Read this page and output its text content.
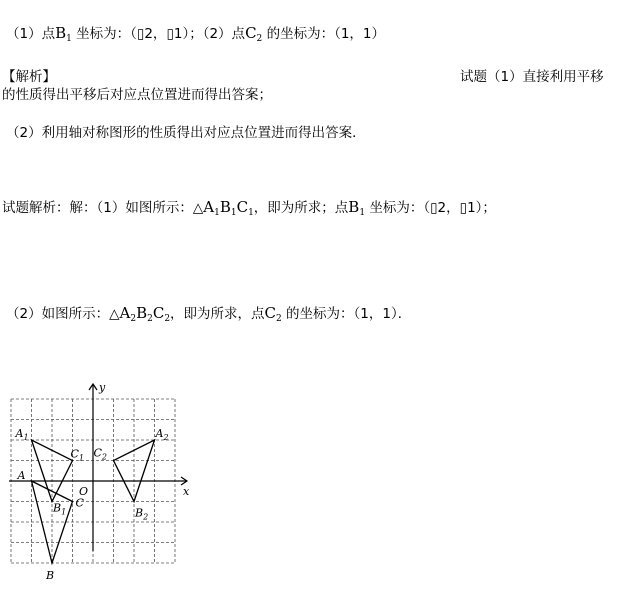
（1）点$B_1$ 坐标为：（▯2，▯1）；（2）点$C_2$ 的坐标为：（1，1）
【解析】	试题（1）直接利用平移
的性质得出平移后对应点位置进而得出答案；
（2）利用轴对称图形的性质得出对应点位置进而得出答案．
试题解析：解：（1）如图所示：$\triangle A_1B_1C_1$，即为所求；点$B_1$ 坐标为：（▯2，▯1）；
（2）如图所示：$\triangle A_2B_2C_2$，即为所求，点$C_2$ 的坐标为：（1，1）．
x
y
O
A
B
C
$A_1$
$B_1$
$C_1$
$A_2$
$B_2$
$C_2$
